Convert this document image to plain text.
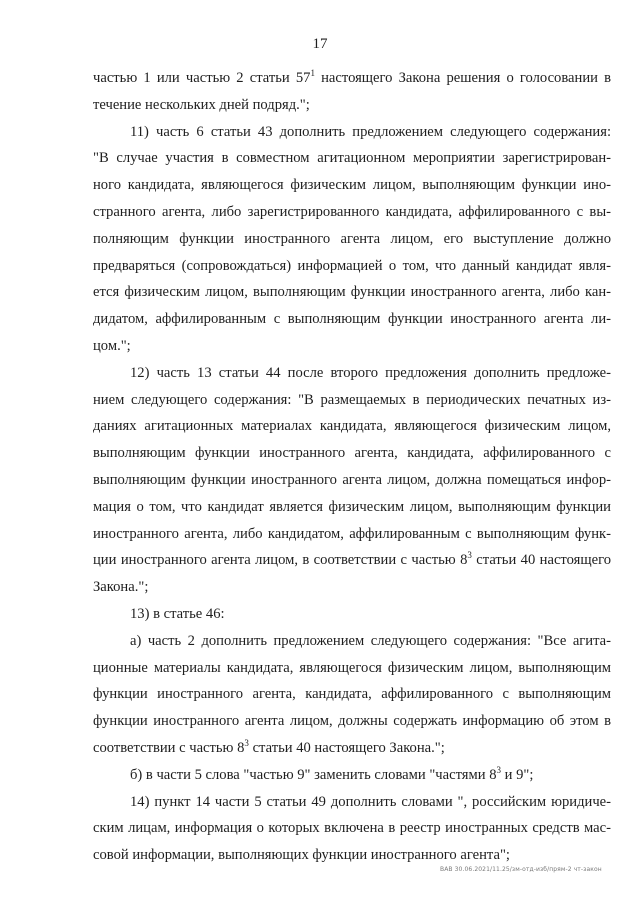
17
частью 1 или частью 2 статьи $57^1$ настоящего Закона решения о голосовании в
течение нескольких дней подряд.";
11) часть 6 статьи 43 дополнить предложением следующего содержания:
"В случае участия в совместном агитационном мероприятии зарегистрирован-
ного кандидата, являющегося физическим лицом, выполняющим функции ино-
странного агента, либо зарегистрированного кандидата, аффилированного с вы-
полняющим функции иностранного агента лицом, его выступление должно
предваряться (сопровождаться) информацией о том, что данный кандидат явля-
ется физическим лицом, выполняющим функции иностранного агента, либо кан-
дидатом, аффилированным с выполняющим функции иностранного агента ли-
цом.";
12) часть 13 статьи 44 после второго предложения дополнить предложе-
нием следующего содержания: "В размещаемых в периодических печатных из-
даниях агитационных материалах кандидата, являющегося физическим лицом,
выполняющим функции иностранного агента, кандидата, аффилированного с
выполняющим функции иностранного агента лицом, должна помещаться инфор-
мация о том, что кандидат является физическим лицом, выполняющим функции
иностранного агента, либо кандидатом, аффилированным с выполняющим функ-
ции иностранного агента лицом, в соответствии с частью $8^3$ статьи 40 настоящего
Закона.";
13) в статье 46:
а) часть 2 дополнить предложением следующего содержания: "Все агита-
ционные материалы кандидата, являющегося физическим лицом, выполняющим
функции иностранного агента, кандидата, аффилированного с выполняющим
функции иностранного агента лицом, должны содержать информацию об этом в
соответствии с частью $8^3$ статьи 40 настоящего Закона.";
б) в части 5 слова "частью 9" заменить словами "частями $8^3$ и 9";
14) пункт 14 части 5 статьи 49 дополнить словами ", российским юридиче-
ским лицам, информация о которых включена в реестр иностранных средств мас-
совой информации, выполняющих функции иностранного агента";
ВАВ 30.06.2021/11.25/зм-отд-изб/прям-2 чт-закон
